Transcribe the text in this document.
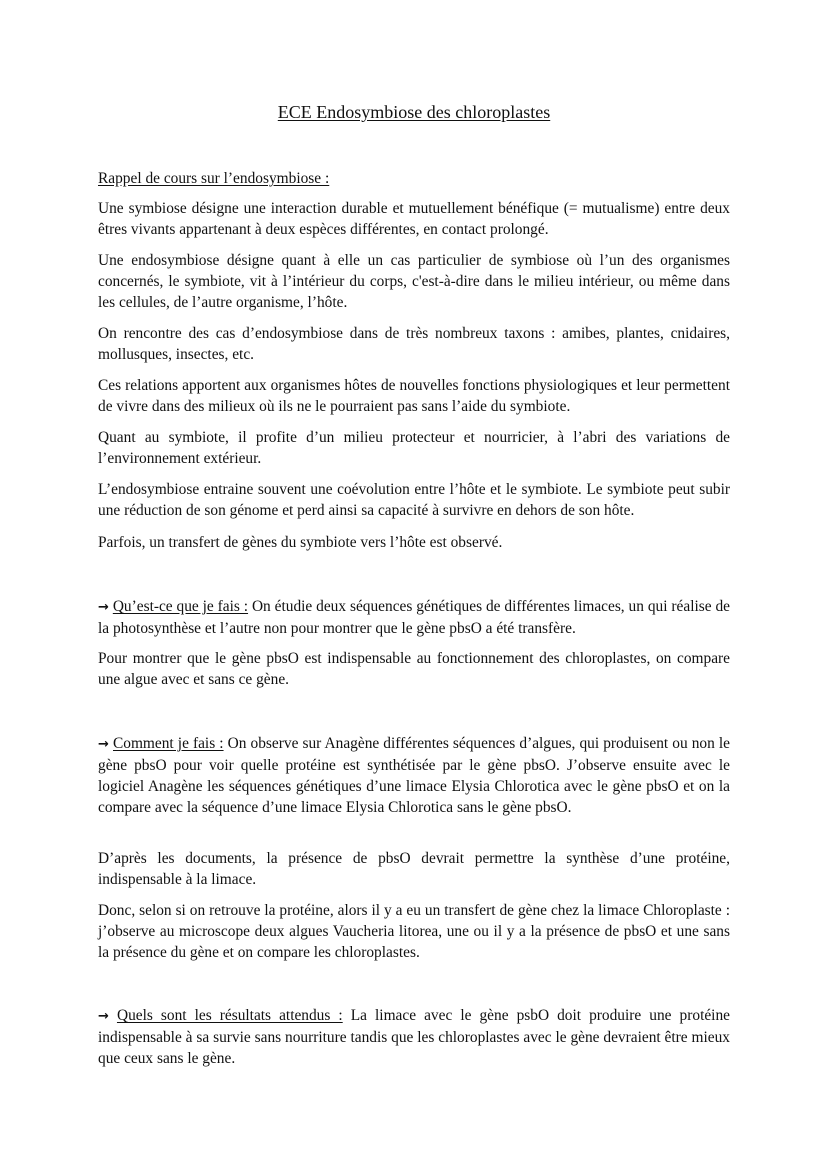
ECE Endosymbiose des chloroplastes

Rappel de cours sur l’endosymbiose :

Une symbiose désigne une interaction durable et mutuellement bénéfique (= mutualisme) entre deux êtres vivants appartenant à deux espèces différentes, en contact prolongé.

Une endosymbiose désigne quant à elle un cas particulier de symbiose où l’un des organismes concernés, le symbiote, vit à l’intérieur du corps, c'est-à-dire dans le milieu intérieur, ou même dans les cellules, de l’autre organisme, l’hôte.

On rencontre des cas d’endosymbiose dans de très nombreux taxons : amibes, plantes, cnidaires, mollusques, insectes, etc.

Ces relations apportent aux organismes hôtes de nouvelles fonctions physiologiques et leur permettent de vivre dans des milieux où ils ne le pourraient pas sans l’aide du symbiote.

Quant au symbiote, il profite d’un milieu protecteur et nourricier, à l’abri des variations de l’environnement extérieur.

L’endosymbiose entraine souvent une coévolution entre l’hôte et le symbiote. Le symbiote peut subir une réduction de son génome et perd ainsi sa capacité à survivre en dehors de son hôte.

Parfois, un transfert de gènes du symbiote vers l’hôte est observé.

→ Qu’est-ce que je fais : On étudie deux séquences génétiques de différentes limaces, un qui réalise de la photosynthèse et l’autre non pour montrer que le gène pbsO a été transfère.

Pour montrer que le gène pbsO est indispensable au fonctionnement des chloroplastes, on compare une algue avec et sans ce gène.

→ Comment je fais : On observe sur Anagène différentes séquences d’algues, qui produisent ou non le gène pbsO pour voir quelle protéine est synthétisée par le gène pbsO. J’observe ensuite avec le logiciel Anagène les séquences génétiques d’une limace Elysia Chlorotica avec le gène pbsO et on la compare avec la séquence d’une limace Elysia Chlorotica sans le gène pbsO.

D’après les documents, la présence de pbsO devrait permettre la synthèse d’une protéine, indispensable à la limace.

Donc, selon si on retrouve la protéine, alors il y a eu un transfert de gène chez la limace Chloroplaste : j’observe au microscope deux algues Vaucheria litorea, une ou il y a la présence de pbsO et une sans la présence du gène et on compare les chloroplastes.

→ Quels sont les résultats attendus : La limace avec le gène psbO doit produire une protéine indispensable à sa survie sans nourriture tandis que les chloroplastes avec le gène devraient être mieux que ceux sans le gène.
